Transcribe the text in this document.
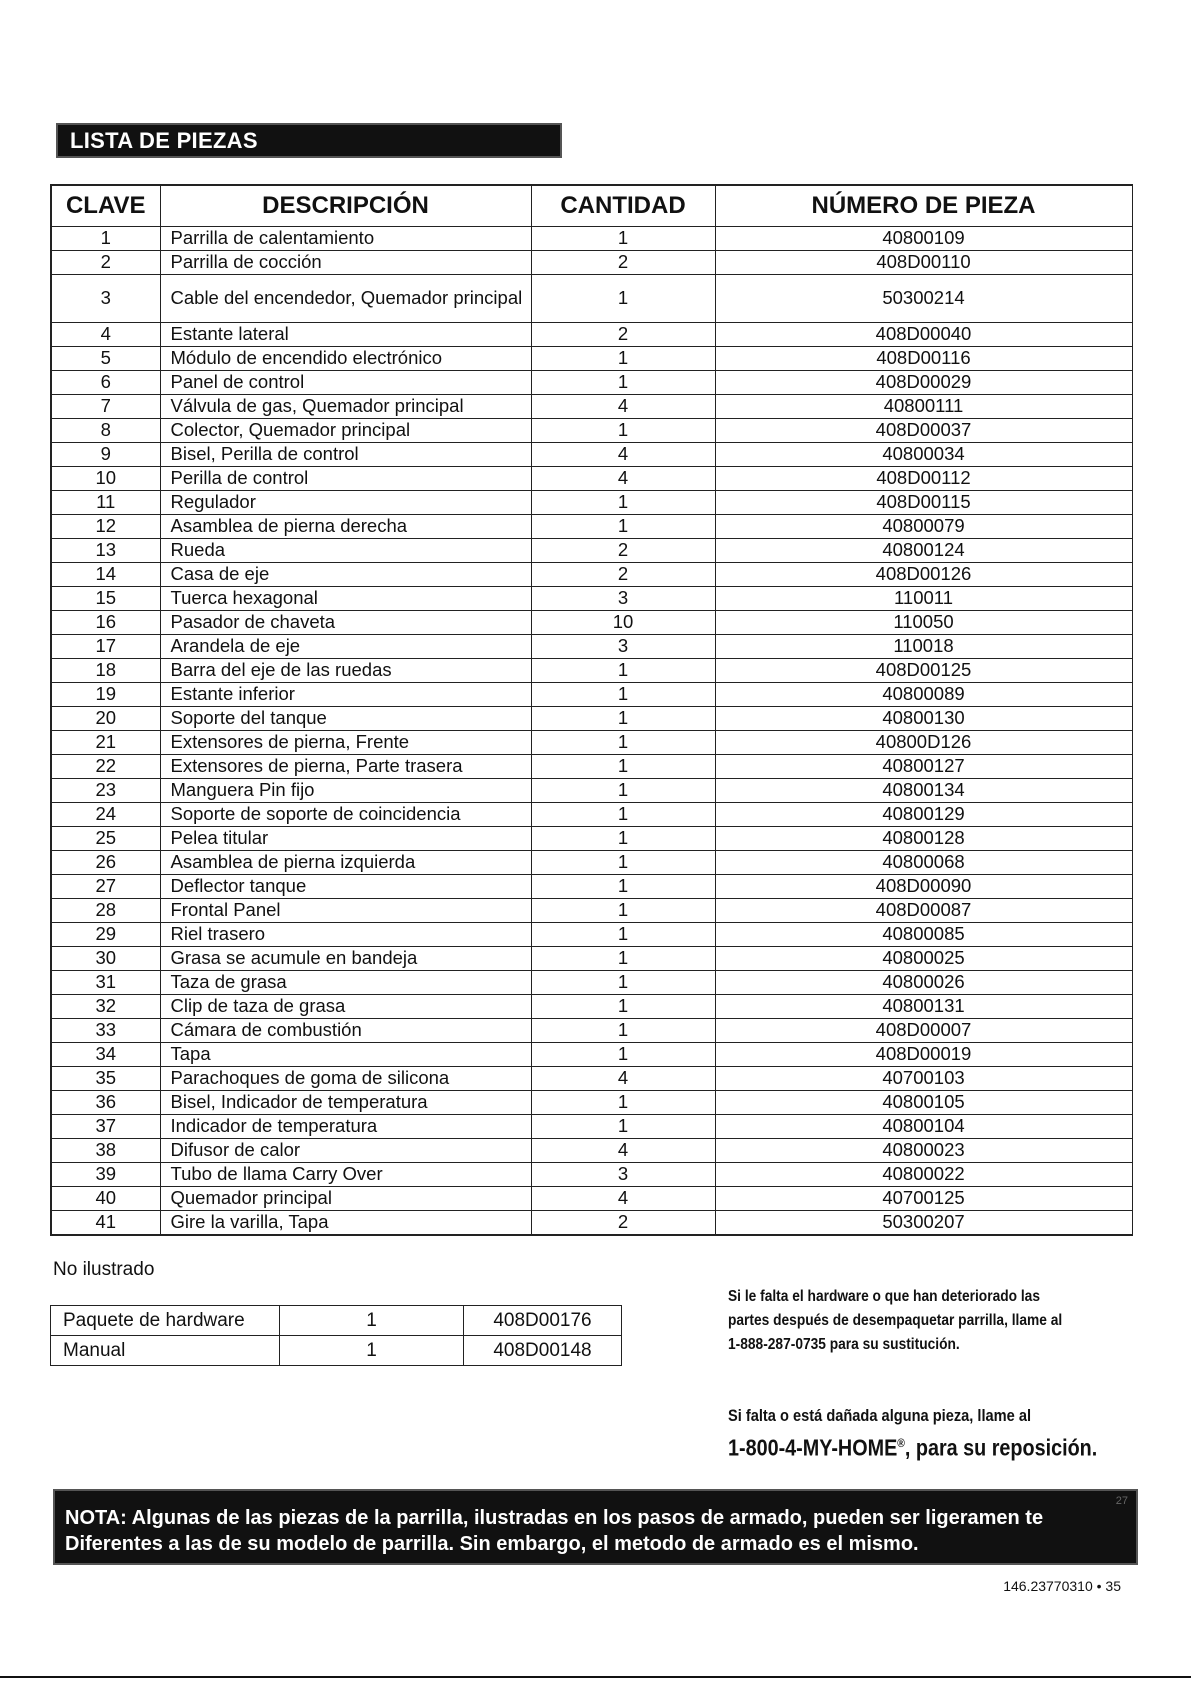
LISTA DE PIEZAS
CLAVE	DESCRIPCIÓN	CANTIDAD	NÚMERO DE PIEZA
1	Parrilla de calentamiento	1	40800109
2	Parrilla de cocción	2	408D00110
3	Cable del encendedor, Quemador principal	1	50300214
4	Estante lateral	2	408D00040
5	Módulo de encendido electrónico	1	408D00116
6	Panel de control	1	408D00029
7	Válvula de gas, Quemador principal	4	40800111
8	Colector, Quemador principal	1	408D00037
9	Bisel, Perilla de control	4	40800034
10	Perilla de control	4	408D00112
11	Regulador	1	408D00115
12	Asamblea de pierna derecha	1	40800079
13	Rueda	2	40800124
14	Casa de eje	2	408D00126
15	Tuerca hexagonal	3	110011
16	Pasador de chaveta	10	110050
17	Arandela de eje	3	110018
18	Barra del eje de las ruedas	1	408D00125
19	Estante inferior	1	40800089
20	Soporte del tanque	1	40800130
21	Extensores de pierna, Frente	1	40800D126
22	Extensores de pierna, Parte trasera	1	40800127
23	Manguera Pin fijo	1	40800134
24	Soporte de soporte de coincidencia	1	40800129
25	Pelea titular	1	40800128
26	Asamblea de pierna izquierda	1	40800068
27	Deflector tanque	1	408D00090
28	Frontal Panel	1	408D00087
29	Riel trasero	1	40800085
30	Grasa se acumule en bandeja	1	40800025
31	Taza de grasa	1	40800026
32	Clip de taza de grasa	1	40800131
33	Cámara de combustión	1	408D00007
34	Tapa	1	408D00019
35	Parachoques de goma de silicona	4	40700103
36	Bisel, Indicador de temperatura	1	40800105
37	Indicador de temperatura	1	40800104
38	Difusor de calor	4	40800023
39	Tubo de llama Carry Over	3	40800022
40	Quemador principal	4	40700125
41	Gire la varilla, Tapa	2	50300207
No ilustrado
Paquete de hardware	1	408D00176
Manual	1	408D00148
Si le falta el hardware o que han deteriorado las
partes después de desempaquetar parrilla, llame al
1-888-287-0735 para su sustitución.
Si falta o está dañada alguna pieza, llame al
1-800-4-MY-HOME®, para su reposición.
NOTA: Algunas de las piezas de la parrilla, ilustradas en los pasos de armado, pueden ser ligeramen te
Diferentes a las de su modelo de parrilla. Sin embargo, el metodo de armado es el mismo.
27
146.23770310 • 35
